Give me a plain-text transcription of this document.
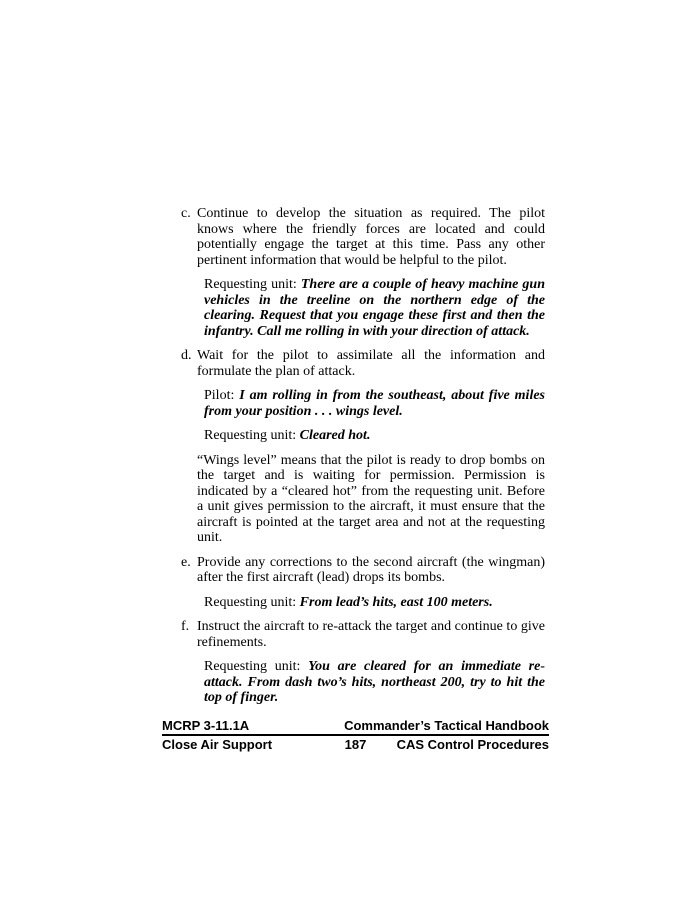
c. Continue to develop the situation as required. The pilot knows where the friendly forces are located and could potentially engage the target at this time. Pass any other pertinent information that would be helpful to the pilot.

Requesting unit: There are a couple of heavy machine gun vehicles in the treeline on the northern edge of the clearing. Request that you engage these first and then the infantry. Call me rolling in with your direction of attack.

d. Wait for the pilot to assimilate all the information and formulate the plan of attack.

Pilot: I am rolling in from the southeast, about five miles from your position . . . wings level.

Requesting unit: Cleared hot.

“Wings level” means that the pilot is ready to drop bombs on the target and is waiting for permission. Permission is indicated by a “cleared hot” from the requesting unit. Before a unit gives permission to the aircraft, it must ensure that the aircraft is pointed at the target area and not at the requesting unit.

e. Provide any corrections to the second aircraft (the wingman) after the first aircraft (lead) drops its bombs.

Requesting unit: From lead’s hits, east 100 meters.

f. Instruct the aircraft to re-attack the target and continue to give refinements.

Requesting unit: You are cleared for an immediate re-attack. From dash two’s hits, northeast 200, try to hit the top of finger.

MCRP 3-11.1A	Commander’s Tactical Handbook
Close Air Support	187 CAS Control Procedures
